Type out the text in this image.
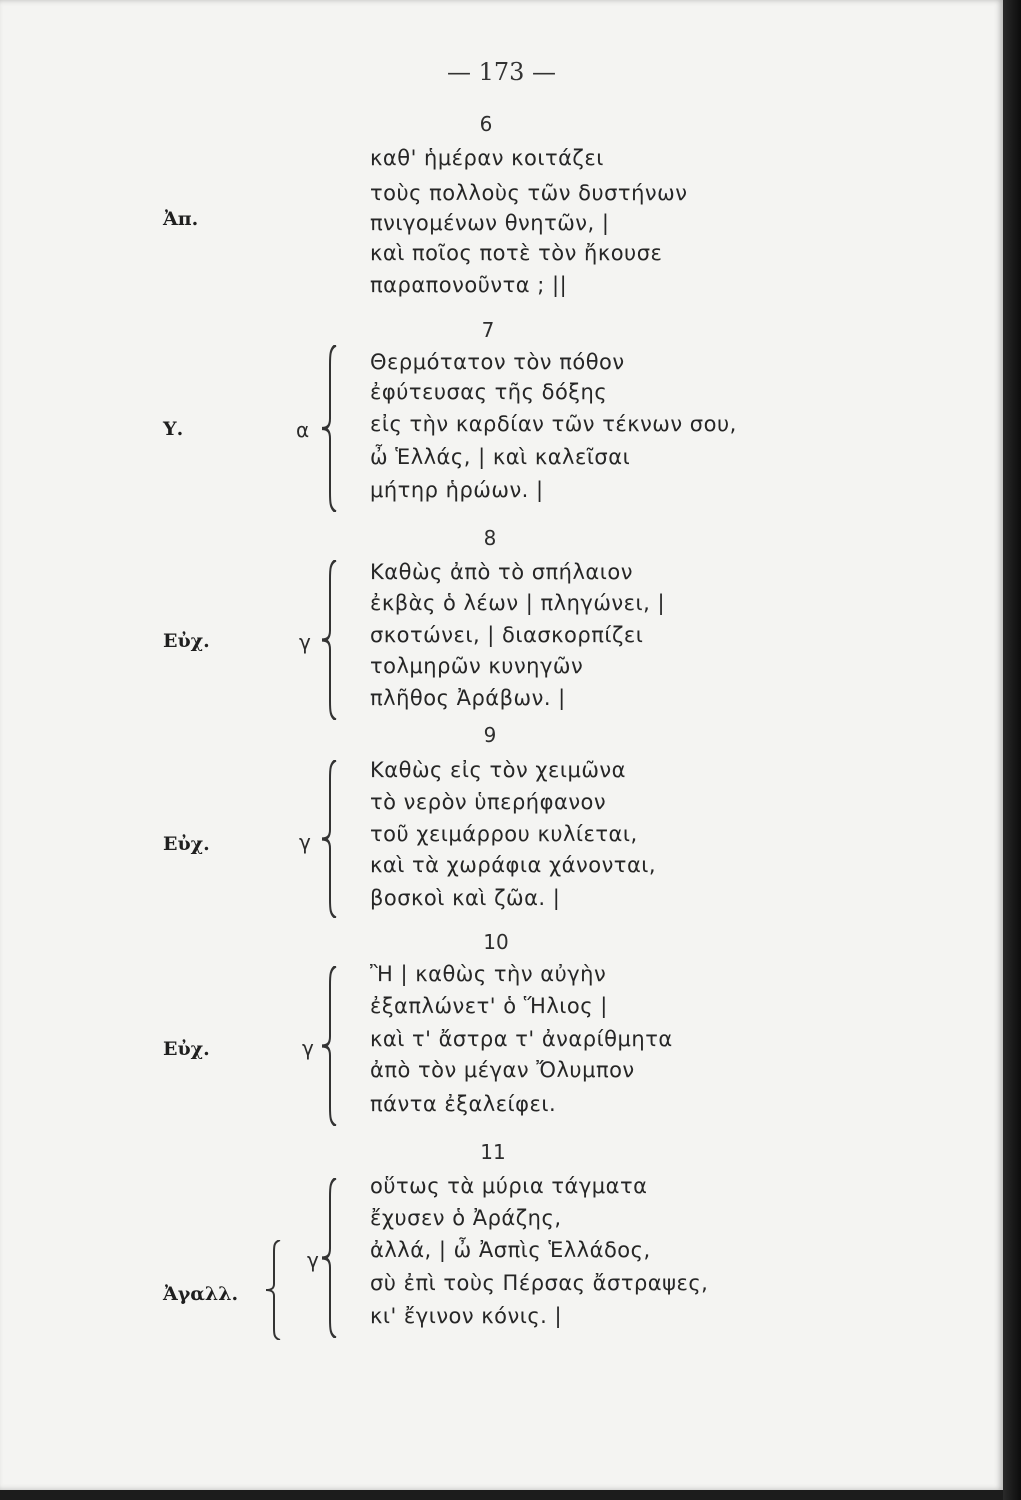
— 173 —
6
Ἀπ.
καθ' ἡμέραν κοιτάζει
τοὺς πολλοὺς τῶν δυστήνων
πνιγομένων θνητῶν, |
καὶ ποῖος ποτὲ τὸν ἤκουσε
παραπονοῦντα ; ||
7
Υ.	α
Θερμότατον τὸν πόθον
ἐφύτευσας τῆς δόξης
εἰς τὴν καρδίαν τῶν τέκνων σου,
ὦ Ἑλλάς, | καὶ καλεῖσαι
μήτηρ ἡρώων. |
8
Εὐχ.	γ
Καθὼς ἀπὸ τὸ σπήλαιον
ἐκβὰς ὁ λέων | πληγώνει, |
σκοτώνει, | διασκορπίζει
τολμηρῶν κυνηγῶν
πλῆθος Ἀράβων. |
9
Εὐχ.	γ
Καθὼς εἰς τὸν χειμῶνα
τὸ νερὸν ὑπερήφανον
τοῦ χειμάρρου κυλίεται,
καὶ τὰ χωράφια χάνονται,
βοσκοὶ καὶ ζῶα. |
10
Εὐχ.	γ
Ἢ | καθὼς τὴν αὐγὴν
ἐξαπλώνετ' ὁ Ἥλιος |
καὶ τ' ἄστρα τ' ἀναρίθμητα
ἀπὸ τὸν μέγαν Ὄλυμπον
πάντα ἐξαλείφει.
11
Ἀγαλλ.
γ
οὕτως τὰ μύρια τάγματα
ἔχυσεν ὁ Ἀράζης,
ἀλλά, | ὦ Ἀσπὶς Ἑλλάδος,
σὺ ἐπὶ τοὺς Πέρσας ἄστραψες,
κι' ἔγινον κόνις. |
